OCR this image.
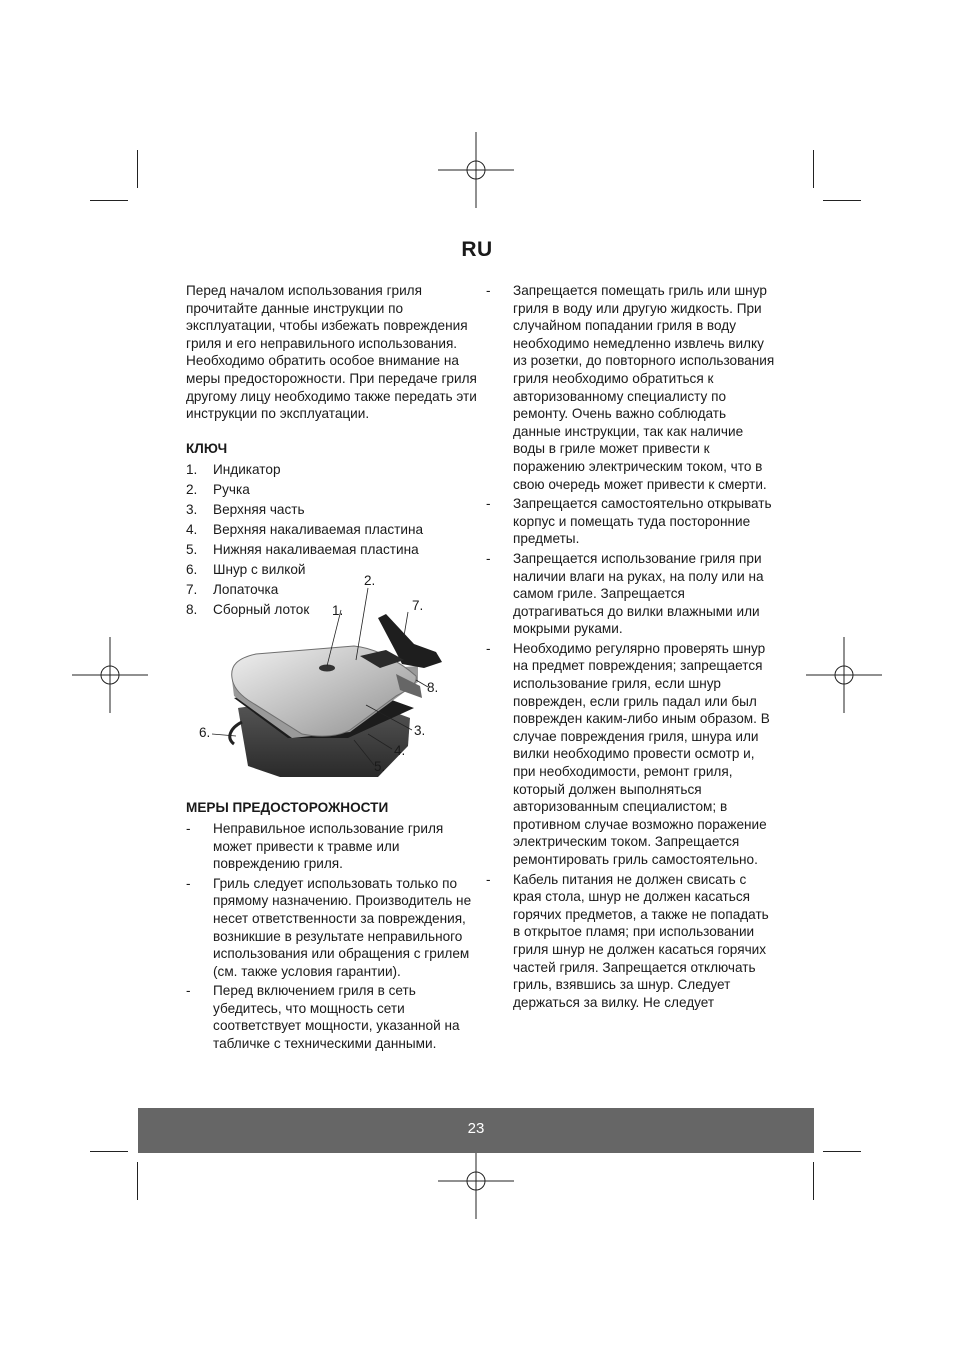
RU

Перед началом использования гриля прочитайте данные инструкции по эксплуатации, чтобы избежать повреждения гриля и его неправильного использования. Необходимо обратить особое внимание на меры предосторожности. При передаче гриля другому лицу необходимо также передать эти инструкции по эксплуатации.

КЛЮЧ

1. Индикатор
2. Ручка
3. Верхняя часть
4. Верхняя накаливаемая пластина
5. Нижняя накаливаемая пластина
6. Шнур с вилкой
7. Лопаточка
8. Сборный лоток

МЕРЫ ПРЕДОСТОРОЖНОСТИ

- Неправильное использование гриля может привести к травме или повреждению гриля.
- Гриль следует использовать только по прямому назначению. Производитель не несет ответственности за повреждения, возникшие в результате неправильного использования или обращения с грилем (см. также условия гарантии).
- Перед включением гриля в сеть убедитесь, что мощность сети соответствует мощности, указанной на табличке с техническими данными.
1.
2.
3.
4.
5.
6.
7.
8.
- Запрещается помещать гриль или шнур гриля в воду или другую жидкость. При случайном попадании гриля в воду необходимо немедленно извлечь вилку из розетки, до повторного использования гриля необходимо обратиться к авторизованному специалисту по ремонту. Очень важно соблюдать данные инструкции, так как наличие воды в гриле может привести к поражению электрическим током, что в свою очередь может привести к смерти.
- Запрещается самостоятельно открывать корпус и помещать туда посторонние предметы.
- Запрещается использование гриля при наличии влаги на руках, на полу или на самом гриле. Запрещается дотрагиваться до вилки влажными или мокрыми руками.
- Необходимо регулярно проверять шнур на предмет повреждения; запрещается использование гриля, если шнур поврежден, если гриль падал или был поврежден каким-либо иным образом. В случае повреждения гриля, шнура или вилки необходимо провести осмотр и, при необходимости, ремонт гриля, который должен выполняться авторизованным специалистом; в противном случае возможно поражение электрическим током. Запрещается ремонтировать гриль самостоятельно.
- Кабель питания не должен свисать с края стола, шнур не должен касаться горячих предметов, а также не попадать в открытое пламя; при использовании гриля шнур не должен касаться горячих частей гриля. Запрещается отключать гриль, взявшись за шнур. Следует держаться за вилку. Не следует
23
